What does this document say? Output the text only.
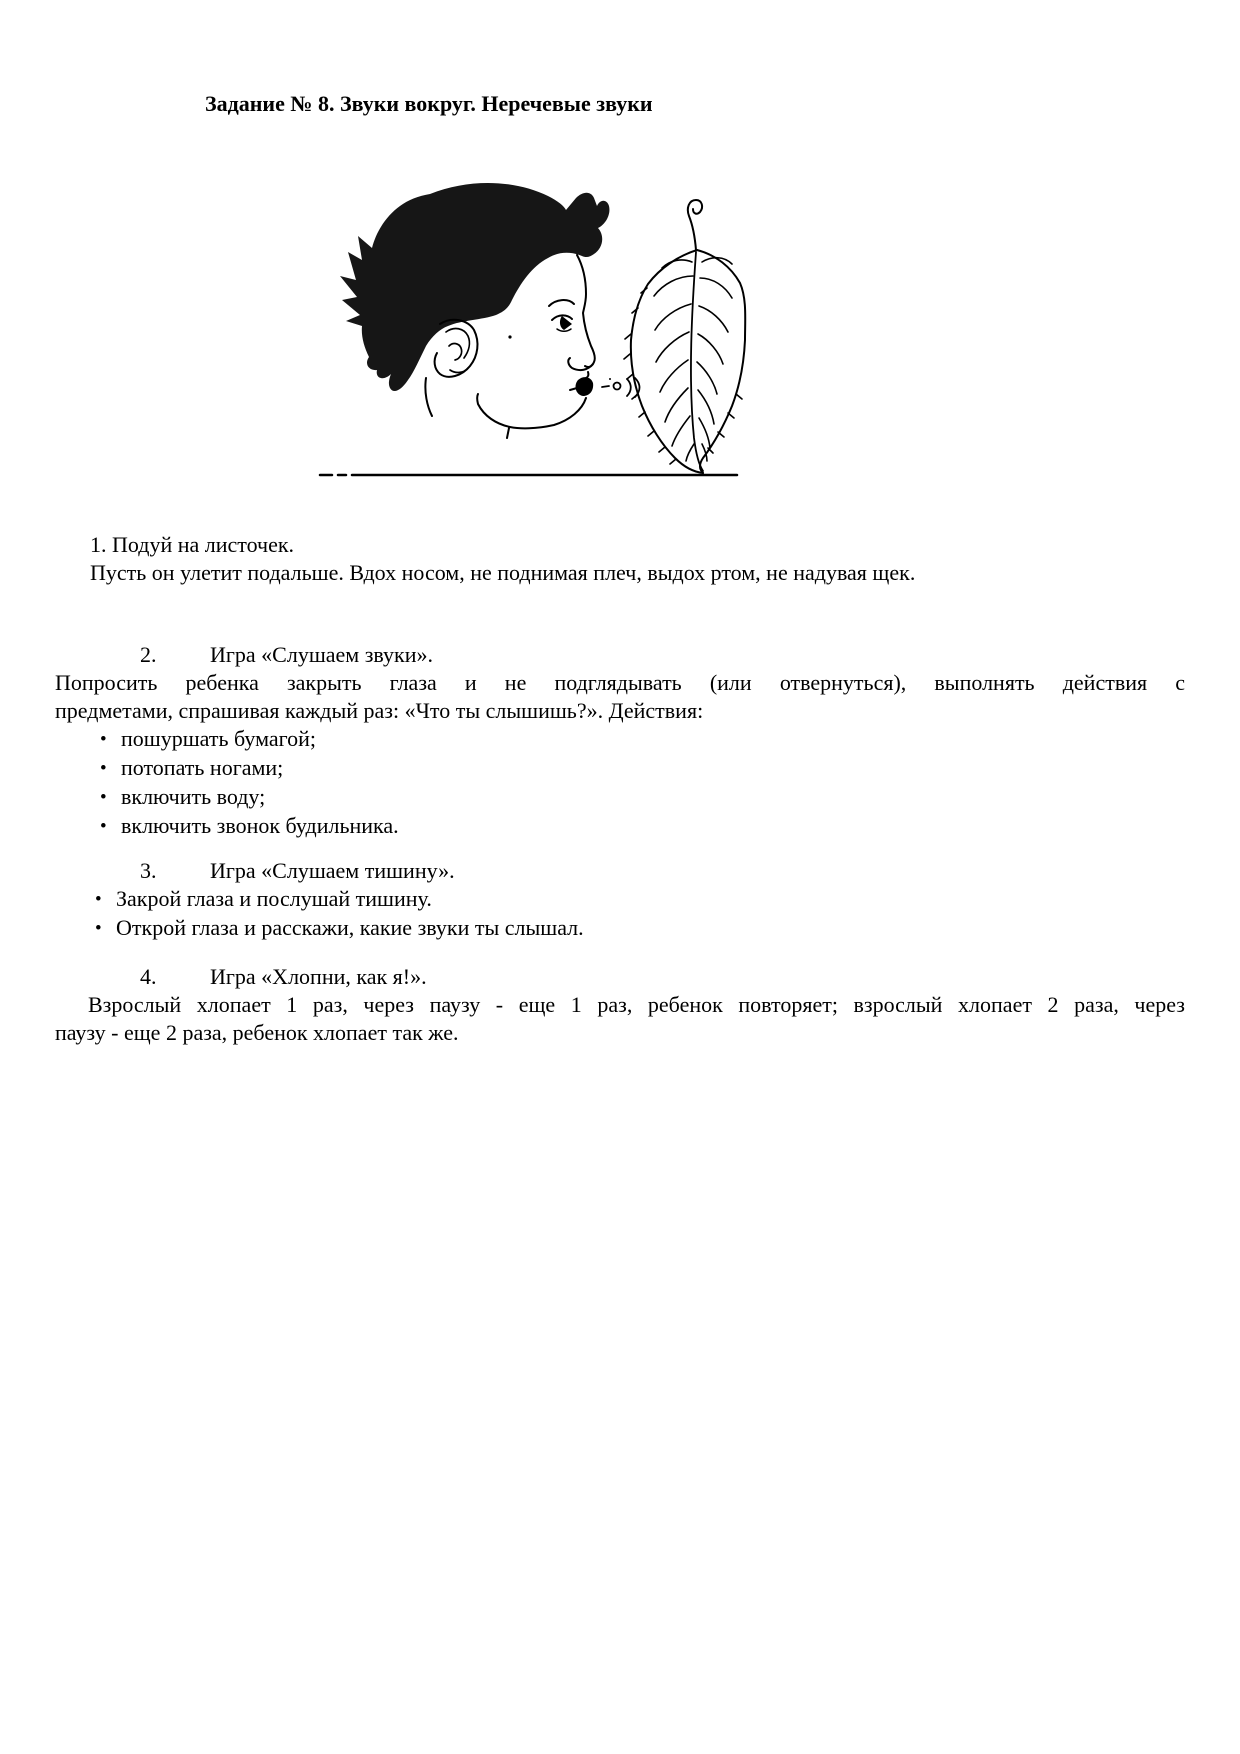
Задание № 8. Звуки вокруг. Неречевые звуки
1. Подуй на листочек.
Пусть он улетит подальше. Вдох носом, не поднимая плеч, выдох ртом, не надувая щек.
2. Игра «Слушаем звуки».
Попросить ребенка закрыть глаза и не подглядывать (или отвернуться), выполнять действия с
предметами, спрашивая каждый раз: «Что ты слышишь?». Действия:
• пошуршать бумагой;
• потопать ногами;
• включить воду;
• включить звонок будильника.
3. Игра «Слушаем тишину».
• Закрой глаза и послушай тишину.
• Открой глаза и расскажи, какие звуки ты слышал.
4. Игра «Хлопни, как я!».
Взрослый хлопает 1 раз, через паузу - еще 1 раз, ребенок повторяет; взрослый хлопает 2 раза, через
паузу - еще 2 раза, ребенок хлопает так же.
